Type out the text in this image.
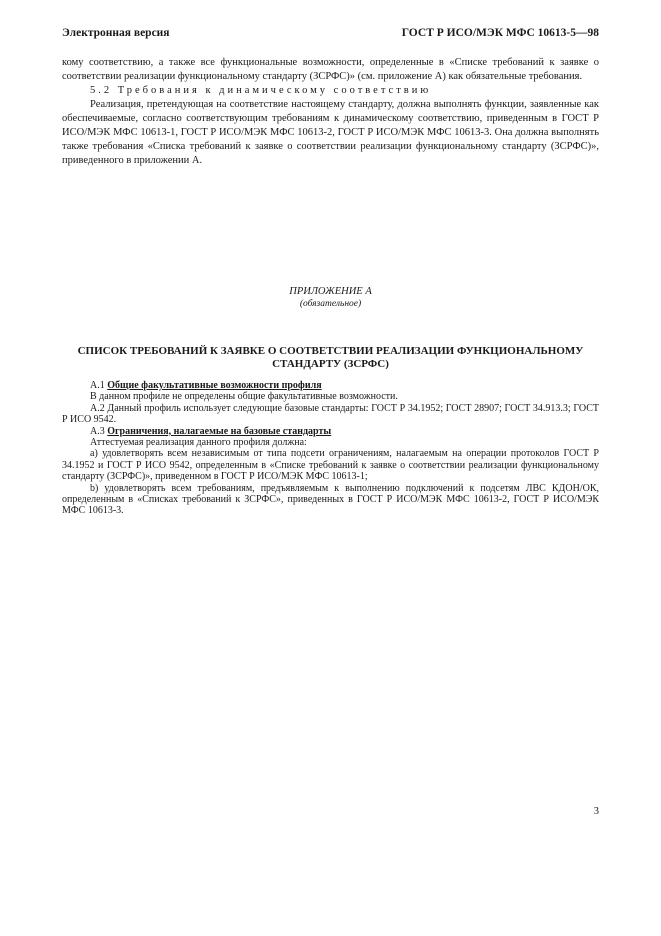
Электронная версия	ГОСТ Р ИСО/МЭК МФС 10613-5—98

кому соответствию, а также все функциональные возможности, определенные в «Списке требований к заявке о соответствии реализации функциональному стандарту (ЗСРФС)» (см. приложение А) как обязательные требования.

5.2 Требования к динамическому соответствию

Реализация, претендующая на соответствие настоящему стандарту, должна выполнять функции, заявленные как обеспечиваемые, согласно соответствующим требованиям к динамическому соответствию, приведенным в ГОСТ Р ИСО/МЭК МФС 10613-1, ГОСТ Р ИСО/МЭК МФС 10613-2, ГОСТ Р ИСО/МЭК МФС 10613-3. Она должна выполнять также требования «Списка требований к заявке о соответствии реализации функциональному стандарту (ЗСРФС)», приведенного в приложении А.

ПРИЛОЖЕНИЕ А
(обязательное)
СПИСОК ТРЕБОВАНИЙ К ЗАЯВКЕ О СООТВЕТСТВИИ РЕАЛИЗАЦИИ ФУНКЦИОНАЛЬНОМУ СТАНДАРТУ (ЗСРФС)

А.1 Общие факультативные возможности профиля

В данном профиле не определены общие факультативные возможности.

А.2 Данный профиль использует следующие базовые стандарты: ГОСТ Р 34.1952; ГОСТ 28907; ГОСТ 34.913.3; ГОСТ Р ИСО 9542.

А.3 Ограничения, налагаемые на базовые стандарты

Аттестуемая реализация данного профиля должна:

а) удовлетворять всем независимым от типа подсети ограничениям, налагаемым на операции протоколов ГОСТ Р 34.1952 и ГОСТ Р ИСО 9542, определенным в «Списке требований к заявке о соответствии реализации функциональному стандарту (ЗСРФС)», приведенном в ГОСТ Р ИСО/МЭК МФС 10613-1;

b) удовлетворять всем требованиям, предъявляемым к выполнению подключений к подсетям ЛВС КДОН/ОК, определенным в «Списках требований к ЗСРФС», приведенных в ГОСТ Р ИСО/МЭК МФС 10613-2, ГОСТ Р ИСО/МЭК МФС 10613-3.

3
